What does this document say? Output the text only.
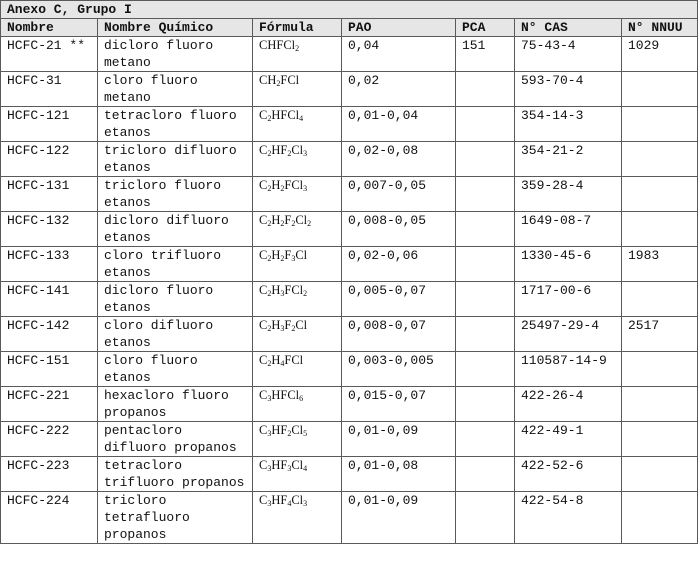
Anexo C, Grupo I						
Nombre	Nombre Químico	Fórmula	PAO	PCA	N° CAS	N° NNUU
HCFC-21 **	dicloro fluoro metano	CHFCl$_2$	0,04	151	75-43-4	1029
HCFC-31	cloro fluoro metano	$CH_2FCl$	0,02		593-70-4	
HCFC-121	tetracloro fluoro etanos	$C_2HFCl_4$	0,01-0,04		354-14-3	
HCFC-122	tricloro difluoro etanos	$C_2HF_2Cl_3$	0,02-0,08		354-21-2	
HCFC-131	tricloro fluoro etanos	$C_2H_2FCl_3$	0,007-0,05		359-28-4	
HCFC-132	dicloro difluoro etanos	$C_2H_2F_2Cl_2$	0,008-0,05		1649-08-7	
HCFC-133	cloro trifluoro etanos	$C_2H_2F_3Cl$	0,02-0,06		1330-45-6	1983
HCFC-141	dicloro fluoro etanos	$C_2H_3FCl_2$	0,005-0,07		1717-00-6	
HCFC-142	cloro difluoro etanos	$C_2H_3F_2Cl$	0,008-0,07		25497-29-4	2517
HCFC-151	cloro fluoro etanos	$C_2H_4FCl$	0,003-0,005		110587-14-9	
HCFC-221	hexacloro fluoro propanos	$C_3HFCl_6$	0,015-0,07		422-26-4	
HCFC-222	pentacloro difluoro propanos	$C_3HF_2Cl_5$	0,01-0,09		422-49-1	
HCFC-223	tetracloro trifluoro propanos	$C_3HF_3Cl_4$	0,01-0,08		422-52-6	
HCFC-224	tricloro tetrafluoro propanos	$C_3HF_4Cl_3$	0,01-0,09		422-54-8	
